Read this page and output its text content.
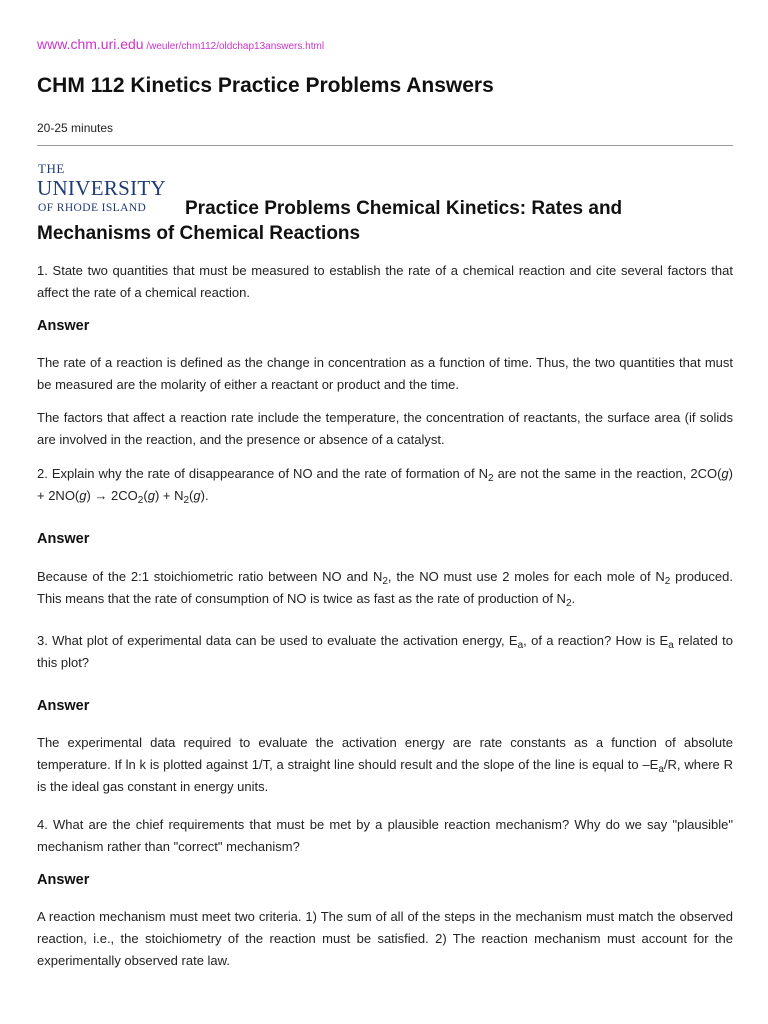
www.chm.uri.edu /weuler/chm112/oldchap13answers.html
CHM 112 Kinetics Practice Problems Answers
20-25 minutes
THE
UNIVERSITY
OF RHODE ISLAND	Practice Problems Chemical Kinetics: Rates and Mechanisms of Chemical Reactions

1. State two quantities that must be measured to establish the rate of a chemical reaction and cite several factors that affect the rate of a chemical reaction.

Answer

The rate of a reaction is defined as the change in concentration as a function of time. Thus, the two quantities that must be measured are the molarity of either a reactant or product and the time.

The factors that affect a reaction rate include the temperature, the concentration of reactants, the surface area (if solids are involved in the reaction, and the presence or absence of a catalyst.

2. Explain why the rate of disappearance of NO and the rate of formation of $N_2$ are not the same in the reaction, $2CO(g) + 2NO(g) \to 2CO_2(g) + N_2(g)$.

Answer

Because of the 2:1 stoichiometric ratio between NO and $N_2$, the NO must use 2 moles for each mole of $N_2$ produced. This means that the rate of consumption of NO is twice as fast as the rate of production of $N_2$.

3. What plot of experimental data can be used to evaluate the activation energy, $E_a$, of a reaction? How is $E_a$ related to this plot?

Answer

The experimental data required to evaluate the activation energy are rate constants as a function of absolute temperature. If ln k is plotted against 1/T, a straight line should result and the slope of the line is equal to $-E_a/R$, where R is the ideal gas constant in energy units.

4. What are the chief requirements that must be met by a plausible reaction mechanism? Why do we say "plausible" mechanism rather than "correct" mechanism?

Answer

A reaction mechanism must meet two criteria. 1) The sum of all of the steps in the mechanism must match the observed reaction, i.e., the stoichiometry of the reaction must be satisfied. 2) The reaction mechanism must account for the experimentally observed rate law.
